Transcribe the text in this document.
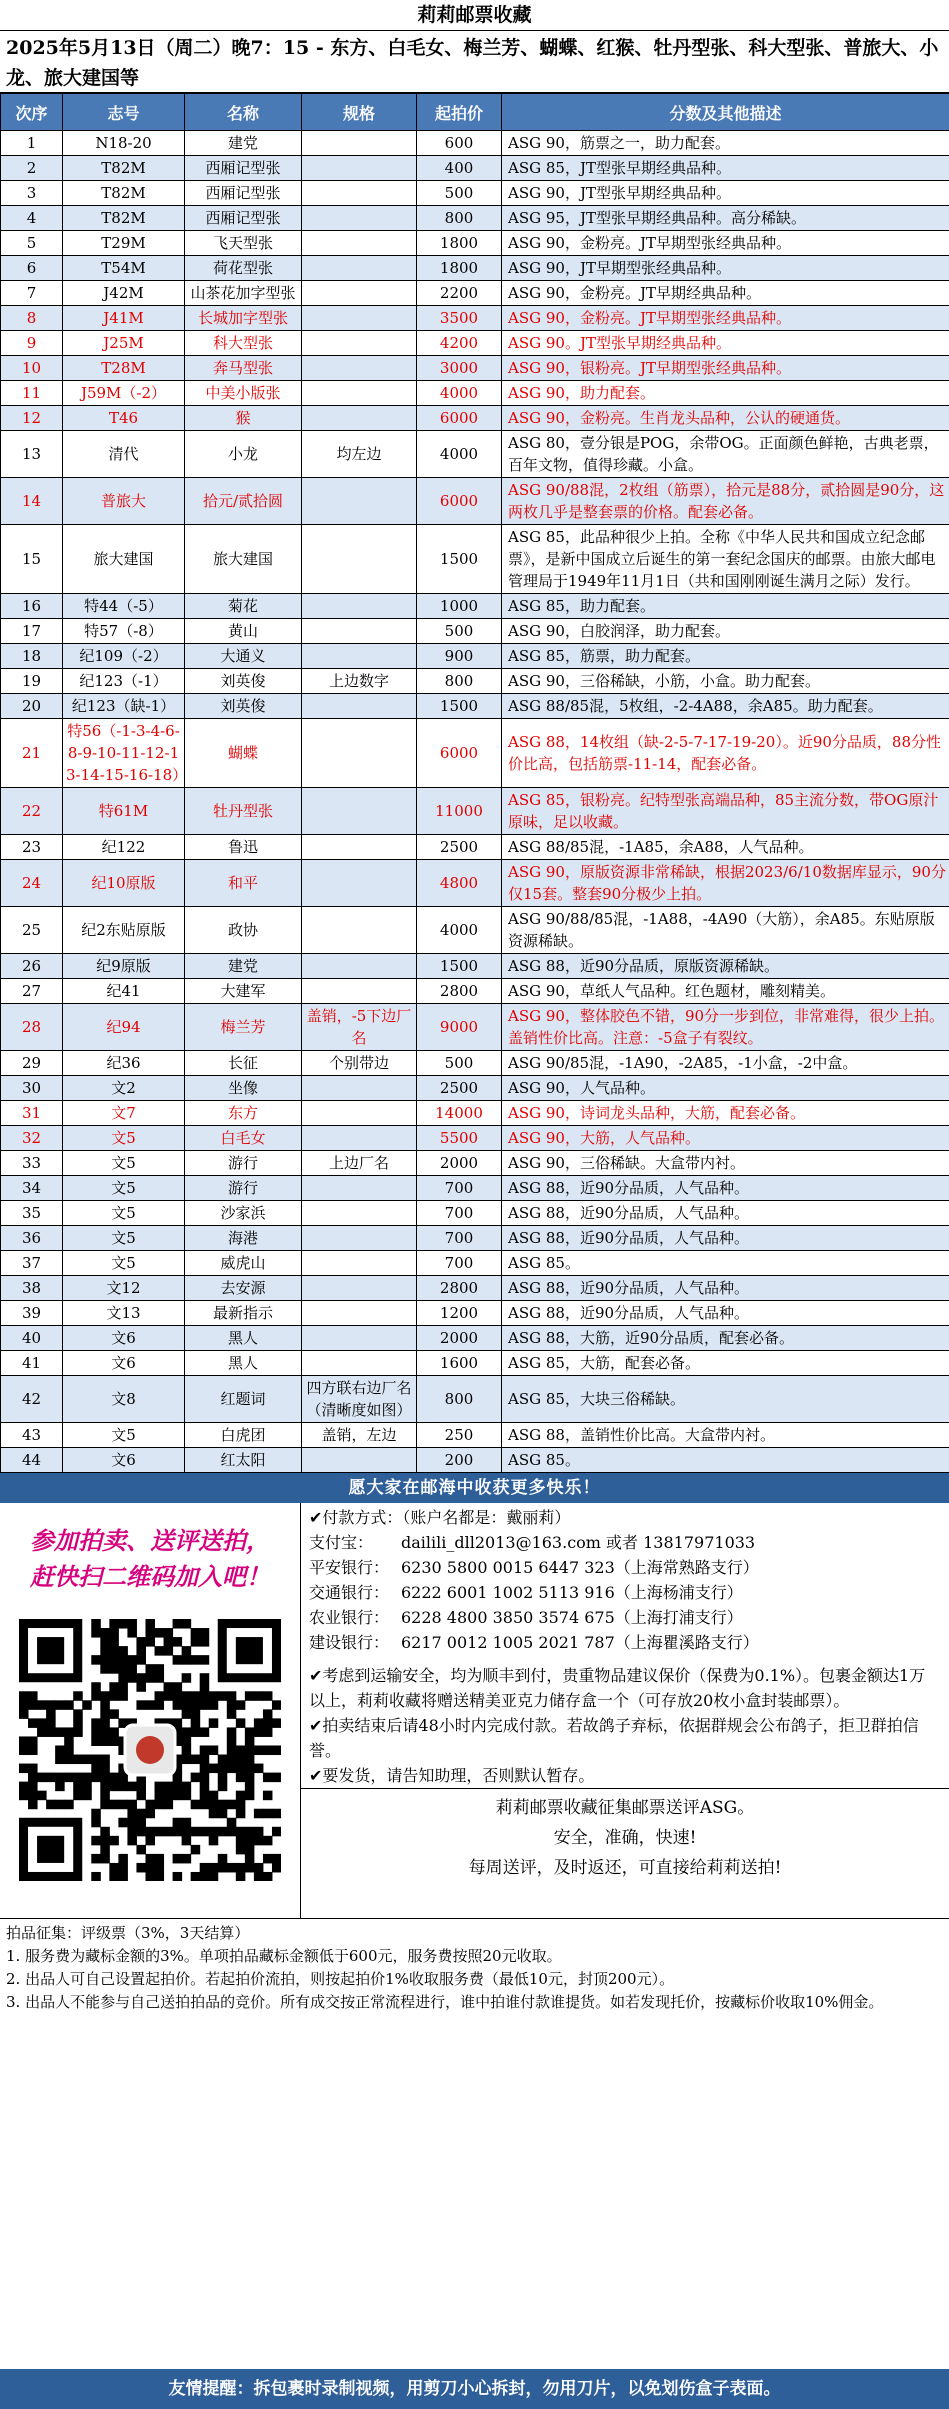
莉莉邮票收藏
2025年5月13日（周二）晚7：15 - 东方、白毛女、梅兰芳、蝴蝶、红猴、牡丹型张、科大型张、普旅大、小龙、旅大建国等
次序	志号	名称	规格	起拍价	分数及其他描述
1	N18-20	建党		600	ASG 90，筋票之一，助力配套。
2	T82M	西厢记型张		400	ASG 85，JT型张早期经典品种。
3	T82M	西厢记型张		500	ASG 90，JT型张早期经典品种。
4	T82M	西厢记型张		800	ASG 95，JT型张早期经典品种。高分稀缺。
5	T29M	飞天型张		1800	ASG 90，金粉亮。JT早期型张经典品种。
6	T54M	荷花型张		1800	ASG 90，JT早期型张经典品种。
7	J42M	山茶花加字型张		2200	ASG 90，金粉亮。JT早期经典品种。
8	J41M	长城加字型张		3500	ASG 90，金粉亮。JT早期型张经典品种。
9	J25M	科大型张		4200	ASG 90。JT型张早期经典品种。
10	T28M	奔马型张		3000	ASG 90，银粉亮。JT早期型张经典品种。
11	J59M（-2）	中美小版张		4000	ASG 90，助力配套。
12	T46	猴		6000	ASG 90，金粉亮。生肖龙头品种，公认的硬通货。
13	清代	小龙	均左边	4000	ASG 80，壹分银是POG，余带OG。正面颜色鲜艳，古典老票，百年文物，值得珍藏。小盒。
14	普旅大	拾元/贰拾圆		6000	ASG 90/88混，2枚组（筋票），拾元是88分，贰拾圆是90分，这两枚几乎是整套票的价格。配套必备。
15	旅大建国	旅大建国		1500	ASG 85，此品种很少上拍。全称《中华人民共和国成立纪念邮票》，是新中国成立后诞生的第一套纪念国庆的邮票。由旅大邮电管理局于1949年11月1日（共和国刚刚诞生满月之际）发行。
16	特44（-5）	菊花		1000	ASG 85，助力配套。
17	特57（-8）	黄山		500	ASG 90，白胶润泽，助力配套。
18	纪109（-2）	大通义		900	ASG 85，筋票，助力配套。
19	纪123（-1）	刘英俊	上边数字	800	ASG 90，三俗稀缺，小筋，小盒。助力配套。
20	纪123（缺-1）	刘英俊		1500	ASG 88/85混，5枚组，-2-4A88，余A85。助力配套。
21	特56（-1-3-4-6-8-9-10-11-12-13-14-15-16-18）	蝴蝶		6000	ASG 88，14枚组（缺-2-5-7-17-19-20）。近90分品质，88分性价比高，包括筋票-11-14，配套必备。
22	特61M	牡丹型张		11000	ASG 85，银粉亮。纪特型张高端品种，85主流分数，带OG原汁原味，足以收藏。
23	纪122	鲁迅		2500	ASG 88/85混，-1A85，余A88，人气品种。
24	纪10原版	和平		4800	ASG 90，原版资源非常稀缺，根据2023/6/10数据库显示，90分仅15套。整套90分极少上拍。
25	纪2东贴原版	政协		4000	ASG 90/88/85混，-1A88，-4A90（大筋），余A85。东贴原版资源稀缺。
26	纪9原版	建党		1500	ASG 88，近90分品质，原版资源稀缺。
27	纪41	大建军		2800	ASG 90，草纸人气品种。红色题材，雕刻精美。
28	纪94	梅兰芳	盖销，-5下边厂名	9000	ASG 90，整体胶色不错，90分一步到位，非常难得，很少上拍。盖销性价比高。注意：-5盒子有裂纹。
29	纪36	长征	个别带边	500	ASG 90/85混，-1A90，-2A85，-1小盒，-2中盒。
30	文2	坐像		2500	ASG 90，人气品种。
31	文7	东方		14000	ASG 90，诗词龙头品种，大筋，配套必备。
32	文5	白毛女		5500	ASG 90，大筋，人气品种。
33	文5	游行	上边厂名	2000	ASG 90，三俗稀缺。大盒带内衬。
34	文5	游行		700	ASG 88，近90分品质，人气品种。
35	文5	沙家浜		700	ASG 88，近90分品质，人气品种。
36	文5	海港		700	ASG 88，近90分品质，人气品种。
37	文5	威虎山		700	ASG 85。
38	文12	去安源		2800	ASG 88，近90分品质，人气品种。
39	文13	最新指示		1200	ASG 88，近90分品质，人气品种。
40	文6	黑人		2000	ASG 88，大筋，近90分品质，配套必备。
41	文6	黑人		1600	ASG 85，大筋，配套必备。
42	文8	红题词	四方联右边厂名（清晰度如图）	800	ASG 85，大块三俗稀缺。
43	文5	白虎团	盖销，左边	250	ASG 88，盖销性价比高。大盒带内衬。
44	文6	红太阳		200	ASG 85。
愿大家在邮海中收获更多快乐！
参加拍卖、送评送拍，
赶快扫二维码加入吧！
✔付款方式：（账户名都是：戴丽莉）
支付宝： dailili_dll2013@163.com 或者 13817971033
平安银行： 6230 5800 0015 6447 323（上海常熟路支行）
交通银行： 6222 6001 1002 5113 916（上海杨浦支行）
农业银行： 6228 4800 3850 3574 675（上海打浦支行）
建设银行： 6217 0012 1005 2021 787（上海瞿溪路支行）
✔考虑到运输安全，均为顺丰到付，贵重物品建议保价（保费为0.1%）。包裹金额达1万以上，莉莉收藏将赠送精美亚克力储存盒一个（可存放20枚小盒封装邮票）。
✔拍卖结束后请48小时内完成付款。若故鸽子弃标，依据群规会公布鸽子，拒卫群拍信誉。
✔要发货，请告知助理，否则默认暂存。
莉莉邮票收藏征集邮票送评ASG。
安全，准确，快速!
每周送评，及时返还，可直接给莉莉送拍!
拍品征集：评级票（3%，3天结算）
1. 服务费为藏标金额的3%。单项拍品藏标金额低于600元，服务费按照20元收取。
2. 出品人可自己设置起拍价。若起拍价流拍，则按起拍价1%收取服务费（最低10元，封顶200元）。
3. 出品人不能参与自己送拍拍品的竞价。所有成交按正常流程进行，谁中拍谁付款谁提货。如若发现托价，按藏标价收取10%佣金。
友情提醒：拆包裹时录制视频，用剪刀小心拆封，勿用刀片，以免划伤盒子表面。
